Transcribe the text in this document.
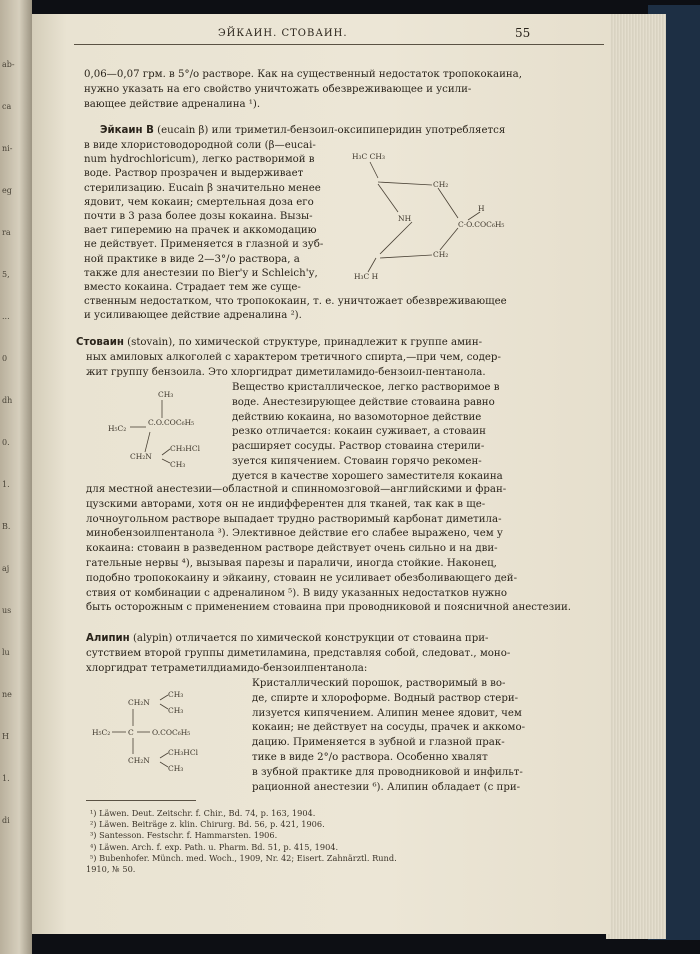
ab-
ca
ni-
eg
ra
5,
...
0
dh
0.
1.
B.
aj
us
lu
ne
H
1.
di
ЭЙКАИН. СТОВАИН.	55
0,06—0,07 грм. в 5°/o растворе. Как на существенный недостаток тропококаина,
нужно указать на его свойство уничтожать обезвреживающее и усили-
вающее действие адреналина ¹).
Эйкаин B (eucain β) или триметил-бензоил-оксипиперидин употребляется
в виде хлористоводородной соли (β—eucai-
num hydrochloricum), легко растворимой в
воде. Раствор прозрачен и выдерживает
стерилизацию. Eucain β значительно менее
ядовит, чем кокаин; смертельная доза его
почти в 3 раза более дозы кокаина. Вызы-
вает гиперемию на прачек и аккомодацию
не действует. Применяется в глазной и зуб-
ной практике в виде 2—3°/o раствора, а
также для анестезии по Bier'у и Schleich'у,
вместо кокаина. Страдает тем же суще-
ственным недостатком, что тропококаин, т. е. уничтожает обезвреживающее
и усиливающее действие адреналина ²).
H₃C CH₃
CH₂
H
NH
C·O.COC₆H₅
CH₂
H₃C H
Стоваин (stovain), по химической структуре, принадлежит к группе амин-
ных амиловых алкоголей с характером третичного спирта,—при чем, содер-
жит группу бензоила. Это хлоргидрат диметиламидо-бензоил-пентанола.
Вещество кристаллическое, легко растворимое в
воде. Анестезирующее действие стоваина равно
действию кокаина, но вазомоторное действие
резко отличается: кокаин суживает, а стоваин
расширяет сосуды. Раствор стоваина стерили-
зуется кипячением. Стоваин горячо рекомен-
дуется в качестве хорошего заместителя кокаина
для местной анестезии—областной и спинномозговой—английскими и фран-
цузскими авторами, хотя он не индифферентен для тканей, так как в ще-
лочноугольном растворе выпадает трудно растворимый карбонат диметила-
минобензоилпентанола ³). Элективное действие его слабее выражено, чем у
кокаина: стоваин в разведенном растворе действует очень сильно и на дви-
гательные нервы ⁴), вызывая парезы и параличи, иногда стойкие. Наконец,
подобно тропококаину и эйкаину, стоваин не усиливает обезболивающего дей-
ствия от комбинации с адреналином ⁵). В виду указанных недостатков нужно
быть осторожным с применением стоваина при проводниковой и поясничной анестезии.
CH₃
H₅C₂
C.O.COC₆H₅
CH₂N
CH₃HCl
CH₃
Алипин (alypin) отличается по химической конструкции от стоваина при-
сутствием второй группы диметиламина, представляя собой, следоват., моно-
хлоргидрат тетраметилдиамидо-бензоилпентанола:
Кристаллический порошок, растворимый в во-
де, спирте и хлороформе. Водный раствор стери-
лизуется кипячением. Алипин менее ядовит, чем
кокаин; не действует на сосуды, прачек и аккомо-
дацию. Применяется в зубной и глазной прак-
тике в виде 2°/o раствора. Особенно хвалят
в зубной практике для проводниковой и инфильт-
рационной анестезии ⁶). Алипин обладает (с при-
CH₂N
CH₃
CH₃
H₅C₂ C O.COC₆H₅
CH₂N
CH₃HCl
CH₃
¹) Läwen. Deut. Zeitschr. f. Chir., Bd. 74, p. 163, 1904.
²) Läwen. Beiträge z. klin. Chirurg. Bd. 56, p. 421, 1906.
³) Santesson. Festschr. f. Hammarsten. 1906.
⁴) Läwen. Arch. f. exp. Path. u. Pharm. Bd. 51, p. 415, 1904.
⁵) Bubenhofer. Münch. med. Woch., 1909, Nr. 42; Eisert. Zahnärztl. Rund.
1910, № 50.
